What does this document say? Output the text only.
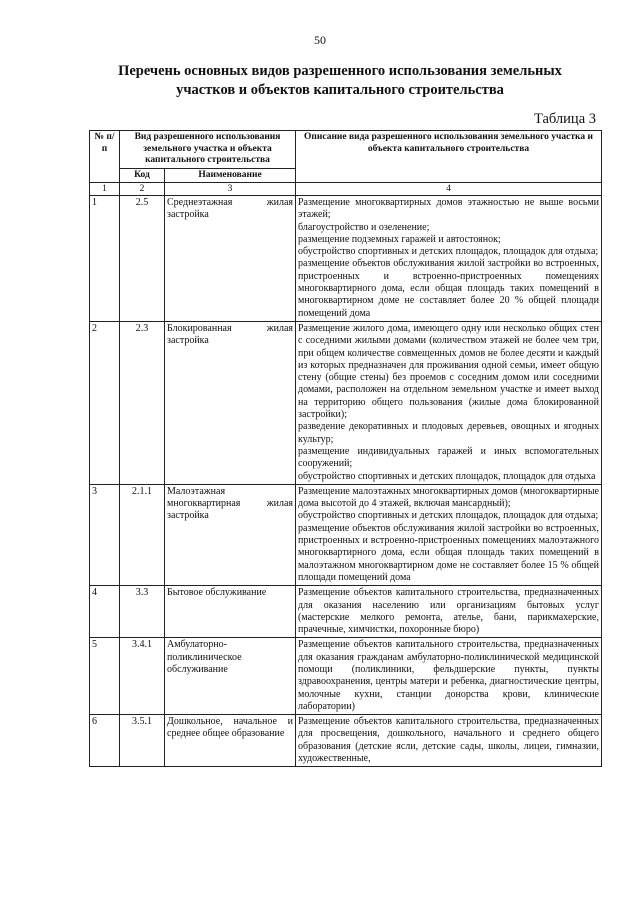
50
Перечень основных видов разрешенного использования земельных участков и объектов капитального строительства
Таблица 3
№ п/п	Вид разрешенного использования земельного участка и объекта капитального строительства		Описание вида разрешенного использования земельного участка и объекта капитального строительства
	Код	Наименование	
1	2	3	4
1	2.5	Среднеэтажная жилая застройка	Размещение многоквартирных домов этажностью не выше восьми этажей;
благоустройство и озеленение;
размещение подземных гаражей и автостоянок;
обустройство спортивных и детских площадок, площадок для отдыха;
размещение объектов обслуживания жилой застройки во встроенных, пристроенных и встроенно-пристроенных помещениях многоквартирного дома, если общая площадь таких помещений в многоквартирном доме не составляет более 20 % общей площади помещений дома

2	2.3	Блокированная жилая застройка	Размещение жилого дома, имеющего одну или несколько общих стен с соседними жилыми домами (количеством этажей не более чем три, при общем количестве совмещенных домов не более десяти и каждый из которых предназначен для проживания одной семьи, имеет общую стену (общие стены) без проемов с соседним домом или соседними домами, расположен на отдельном земельном участке и имеет выход на территорию общего пользования (жилые дома блокированной застройки);
разведение декоративных и плодовых деревьев, овощных и ягодных культур;
размещение индивидуальных гаражей и иных вспомогательных сооружений;
обустройство спортивных и детских площадок, площадок для отдыха

3	2.1.1	Малоэтажная многоквартирная жилая застройка	Размещение малоэтажных многоквартирных домов (многоквартирные дома высотой до 4 этажей, включая мансардный);
обустройство спортивных и детских площадок, площадок для отдыха;
размещение объектов обслуживания жилой застройки во встроенных, пристроенных и встроенно-пристроенных помещениях малоэтажного многоквартирного дома, если общая площадь таких помещений в малоэтажном многоквартирном доме не составляет более 15 % общей площади помещений дома

4	3.3	Бытовое обслуживание	Размещение объектов капитального строительства, предназначенных для оказания населению или организациям бытовых услуг (мастерские мелкого ремонта, ателье, бани, парикмахерские, прачечные, химчистки, похоронные бюро)

5	3.4.1	Амбулаторно-поликлиническое обслуживание	Размещение объектов капитального строительства, предназначенных для оказания гражданам амбулаторно-поликлинической медицинской помощи (поликлиники, фельдшерские пункты, пункты здравоохранения, центры матери и ребенка, диагностические центры, молочные кухни, станции донорства крови, клинические лаборатории)

6	3.5.1	Дошкольное, начальное и среднее общее образование	Размещение объектов капитального строительства, предназначенных для просвещения, дошкольного, начального и среднего общего образования (детские ясли, детские сады, школы, лицеи, гимназии, художественные,
